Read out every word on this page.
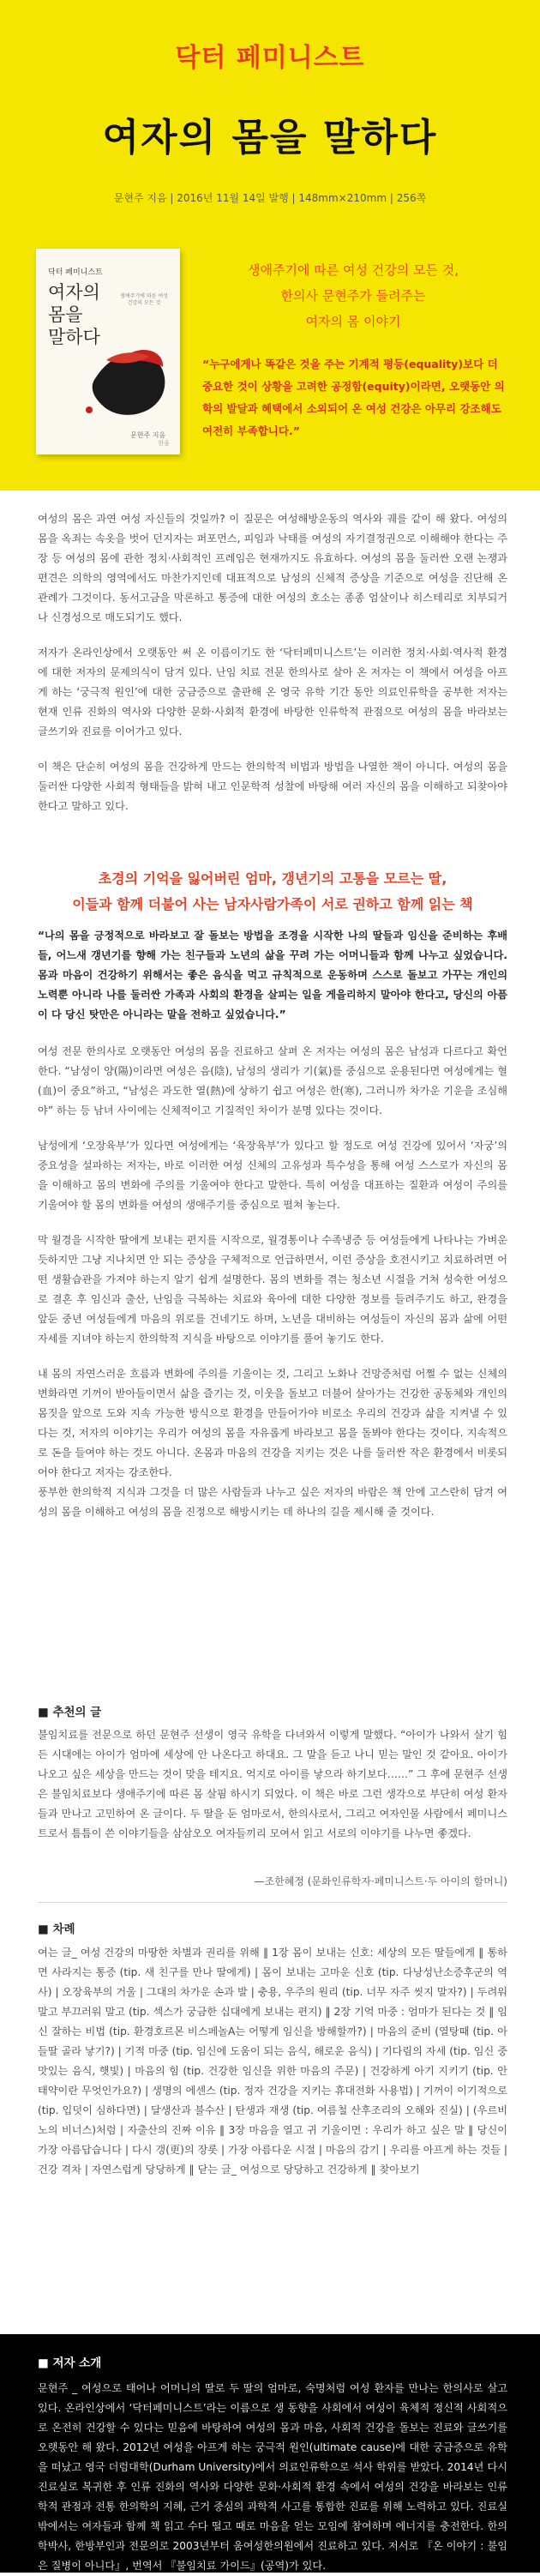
닥터 페미니스트
여자의 몸을 말하다
문현주 지음 | 2016년 11월 14일 발행 | 148mm×210mm | 256쪽
닥터 페미니스트
여자의
몸을
말하다
생애주기에 따른 여성 건강의 모든 것
문현주 지음
한울
생애주기에 따른 여성 건강의 모든 것,
한의사 문현주가 들려주는
여자의 몸 이야기
“누구에게나 똑같은 것을 주는 기계적 평등(equality)보다 더 중요한 것이 상황을 고려한 공정함(equity)이라면, 오랫동안 의학의 발달과 혜택에서 소외되어 온 여성 건강은 아무리 강조해도 여전히 부족합니다.”

여성의 몸은 과연 여성 자신들의 것일까? 이 질문은 여성해방운동의 역사와 궤를 같이 해 왔다. 여성의 몸을 옥죄는 속옷을 벗어 던지자는 퍼포먼스, 피임과 낙태를 여성의 자기결정권으로 이해해야 한다는 주장 등 여성의 몸에 관한 정치·사회적인 프레임은 현재까지도 유효하다. 여성의 몸을 둘러싼 오랜 논쟁과 편견은 의학의 영역에서도 마찬가지인데 대표적으로 남성의 신체적 증상을 기준으로 여성을 진단해 온 관례가 그것이다. 동서고금을 막론하고 통증에 대한 여성의 호소는 종종 엄살이나 히스테리로 치부되거나 신경성으로 매도되기도 했다.

저자가 온라인상에서 오랫동안 써 온 이름이기도 한 ‘닥터페미니스트’는 이러한 정치·사회·역사적 환경에 대한 저자의 문제의식이 담겨 있다. 난임 치료 전문 한의사로 살아 온 저자는 이 책에서 여성을 아프게 하는 ‘궁극적 원인’에 대한 궁금증으로 출판해 온 영국 유학 기간 동안 의료인류학을 공부한 저자는 현재 인류 진화의 역사와 다양한 문화·사회적 환경에 바탕한 인류학적 관점으로 여성의 몸을 바라보는 글쓰기와 진료를 이어가고 있다.

이 책은 단순히 여성의 몸을 건강하게 만드는 한의학적 비법과 방법을 나열한 책이 아니다. 여성의 몸을 둘러싼 다양한 사회적 형태들을 밝혀 내고 인문학적 성찰에 바탕해 여러 자신의 몸을 이해하고 되찾아야 한다고 말하고 있다.

초경의 기억을 잃어버린 엄마, 갱년기의 고통을 모르는 딸,
이들과 함께 더불어 사는 남자사람가족이 서로 권하고 함께 읽는 책
“나의 몸을 긍정적으로 바라보고 잘 돌보는 방법을 조경을 시작한 나의 딸들과 임신을 준비하는 후배들, 어느새 갱년기를 향해 가는 친구들과 노년의 삶을 꾸려 가는 어머니들과 함께 나누고 싶었습니다. 몸과 마음이 건강하기 위해서는 좋은 음식을 먹고 규칙적으로 운동하며 스스로 돌보고 가꾸는 개인의 노력뿐 아니라 나를 둘러싼 가족과 사회의 환경을 살피는 일을 게을리하지 말아야 한다고, 당신의 아픔이 다 당신 탓만은 아니라는 말을 전하고 싶었습니다.”

여성 전문 한의사로 오랫동안 여성의 몸을 진료하고 살펴 온 저자는 여성의 몸은 남성과 다르다고 확언한다. “남성이 양(陽)이라면 여성은 음(陰), 남성의 생리가 기(氣)를 중심으로 운용된다면 여성에게는 혈(血)이 중요”하고, “남성은 과도한 열(熱)에 상하기 쉽고 여성은 한(寒), 그러니까 차가운 기운을 조심해야” 하는 등 남녀 사이에는 신체적이고 기질적인 차이가 분명 있다는 것이다.

남성에게 ‘오장육부’가 있다면 여성에게는 ‘육장육부’가 있다고 할 정도로 여성 건강에 있어서 ‘자궁’의 중요성을 설파하는 저자는, 바로 이러한 여성 신체의 고유성과 특수성을 통해 여성 스스로가 자신의 몸을 이해하고 몸의 변화에 주의를 기울여야 한다고 말한다. 특히 여성을 대표하는 질환과 여성이 주의를 기울여야 할 몸의 변화를 여성의 생애주기를 중심으로 펼쳐 놓는다.

막 월경을 시작한 딸에게 보내는 편지를 시작으로, 월경통이나 수족냉증 등 여성들에게 나타나는 가벼운 듯하지만 그냥 지나치면 안 되는 증상을 구체적으로 언급하면서, 이런 증상을 호전시키고 치료하려면 어떤 생활습관을 가져야 하는지 알기 쉽게 설명한다. 몸의 변화를 겪는 청소년 시절을 거쳐 성숙한 여성으로 결혼 후 임신과 출산, 난임을 극복하는 치료와 육아에 대한 다양한 정보를 들려주기도 하고, 완경을 앞둔 중년 여성들에게 마음의 위로를 건네기도 하며, 노년을 대비하는 여성들이 자신의 몸과 삶에 어떤 자세를 지녀야 하는지 한의학적 지식을 바탕으로 이야기를 풀어 놓기도 한다.

내 몸의 자연스러운 흐름과 변화에 주의를 기울이는 것, 그리고 노화나 건망증처럼 어쩔 수 없는 신체의 변화라면 기꺼이 받아들이면서 삶을 즐기는 것, 이웃을 돌보고 더불어 살아가는 건강한 공동체와 개인의 몸짓을 앞으로 도와 지속 가능한 방식으로 환경을 만들어가야 비로소 우리의 건강과 삶을 지켜낼 수 있다는 것, 저자의 이야기는 우리가 여성의 몸을 자유롭게 바라보고 몸을 돌봐야 한다는 것이다. 지속적으로 돈을 들여야 하는 것도 아니다. 온몸과 마음의 건강을 지키는 것은 나를 둘러싼 작은 환경에서 비롯되어야 한다고 저자는 강조한다.

풍부한 한의학적 지식과 그것을 더 많은 사람들과 나누고 싶은 저자의 바람은 책 안에 고스란히 담겨 여성의 몸을 이해하고 여성의 몸을 진정으로 해방시키는 데 하나의 길을 제시해 줄 것이다.

■ 추천의 글

불임치료를 전문으로 하던 문현주 선생이 영국 유학을 다녀와서 이렇게 말했다. “아이가 나와서 살기 힘든 시대에는 아이가 엄마에 세상에 안 나온다고 하대요. 그 말을 듣고 나니 믿는 말인 것 같아요. 아이가 나오고 싶은 세상을 만드는 것이 맞을 테지요. 억지로 아이를 낳으라 하기보다……” 그 후에 문현주 선생은 불임치료보다 생애주기에 따른 몸 살핌 하시기 되었다. 이 책은 바로 그런 생각으로 부단히 여성 환자들과 만나고 고민하여 온 글이다. 두 딸을 둔 엄마로서, 한의사로서, 그리고 여자인물 사람에서 페미니스트로서 틈틈이 쓴 이야기들을 삼삼오오 여자들끼리 모여서 읽고 서로의 이야기를 나누면 좋겠다.

—조한혜정 (문화인류학자·페미니스트·두 아이의 할머니)
■ 차례

여는 글_ 여성 건강의 마땅한 차별과 권리를 위해 ‖ 1장 몸이 보내는 신호: 세상의 모든 딸들에게 ‖ 통하면 사라지는 통증 (tip. 새 친구를 만나 딸에게) | 몸이 보내는 고마운 신호 (tip. 다낭성난소증후군의 역사) | 오장육부의 거울 | 그대의 차가운 손과 발 | 충용, 우주의 원리 (tip. 너무 자주 씻지 말자?) | 두려워 말고 부끄러워 말고 (tip. 섹스가 궁금한 십대에게 보내는 편지) ‖ 2장 기억 마중 : 엄마가 된다는 것 ‖ 임신 잘하는 비법 (tip. 환경호르몬 비스페놀A는 어떻게 임신을 방해할까?) | 마음의 준비 (열탕때 (tip. 아들딸 골라 낳기?) | 기적 마중 (tip. 임신에 도움이 되는 음식, 해로운 음식) | 기다림의 자세 (tip. 임신 중 맛있는 음식, 햇빛) | 마음의 힘 (tip. 건강한 임신을 위한 마음의 주문) | 건강하게 아기 지키기 (tip. 안태약이란 무엇인가요?) | 생명의 에센스 (tip. 정자 건강을 지키는 휴대전화 사용법) | 기꺼이 이기적으로 (tip. 입덧이 심하다면) | 달생산과 불수산 | 탄생과 재생 (tip. 여름철 산후조리의 오해와 진실) | (우르비노의 비너스)처럼 | 자출산의 진짜 이유 ‖ 3장 마음을 열고 귀 기울이면 : 우리가 하고 싶은 말 ‖ 당신이 가장 아름답습니다 | 다시 갱(更)의 장롯 | 가장 아름다운 시절 | 마음의 감기 | 우리를 아프게 하는 것들 | 건강 격차 | 자연스럽게 당당하게 ‖ 닫는 글_ 여성으로 당당하고 건강하게 ‖ 찾아보기

■ 저자 소개

문현주 _ 여성으로 태어나 어머니의 딸로 두 딸의 엄마로, 숙명처럼 여성 환자를 만나는 한의사로 살고 있다. 온라인상에서 ‘닥터페미니스트’라는 이름으로 생 동향을 사회에서 여성이 육체적 정신적 사회적으로 온전히 건강할 수 있다는 믿음에 바탕하여 여성의 몸과 마음, 사회적 건강을 돌보는 진료와 글쓰기를 오랫동안 해 왔다. 2012년 여성을 아프게 하는 궁극적 원인(ultimate cause)에 대한 궁금증으로 유학을 떠났고 영국 더럼대학(Durham University)에서 의료인류학으로 석사 학위를 받았다. 2014년 다시 진료실로 복귀한 후 인류 진화의 역사와 다양한 문화·사회적 환경 속에서 여성의 건강을 바라보는 인류학적 관점과 전통 한의학의 지혜, 근거 중심의 과학적 사고를 통합한 진료를 위해 노력하고 있다. 진료실 밖에서는 여자들과 함께 책 읽고 수다 떨고 때로 마음을 얻는 모임에 참여하며 에너지를 충전한다. 한의학박사, 한방부인과 전문의로 2003년부터 움여성한의원에서 진료하고 있다. 저서로 『온 이야기 : 불임은 질병이 아니다』, 번역서 『불임치료 가이드』(공역)가 있다.
